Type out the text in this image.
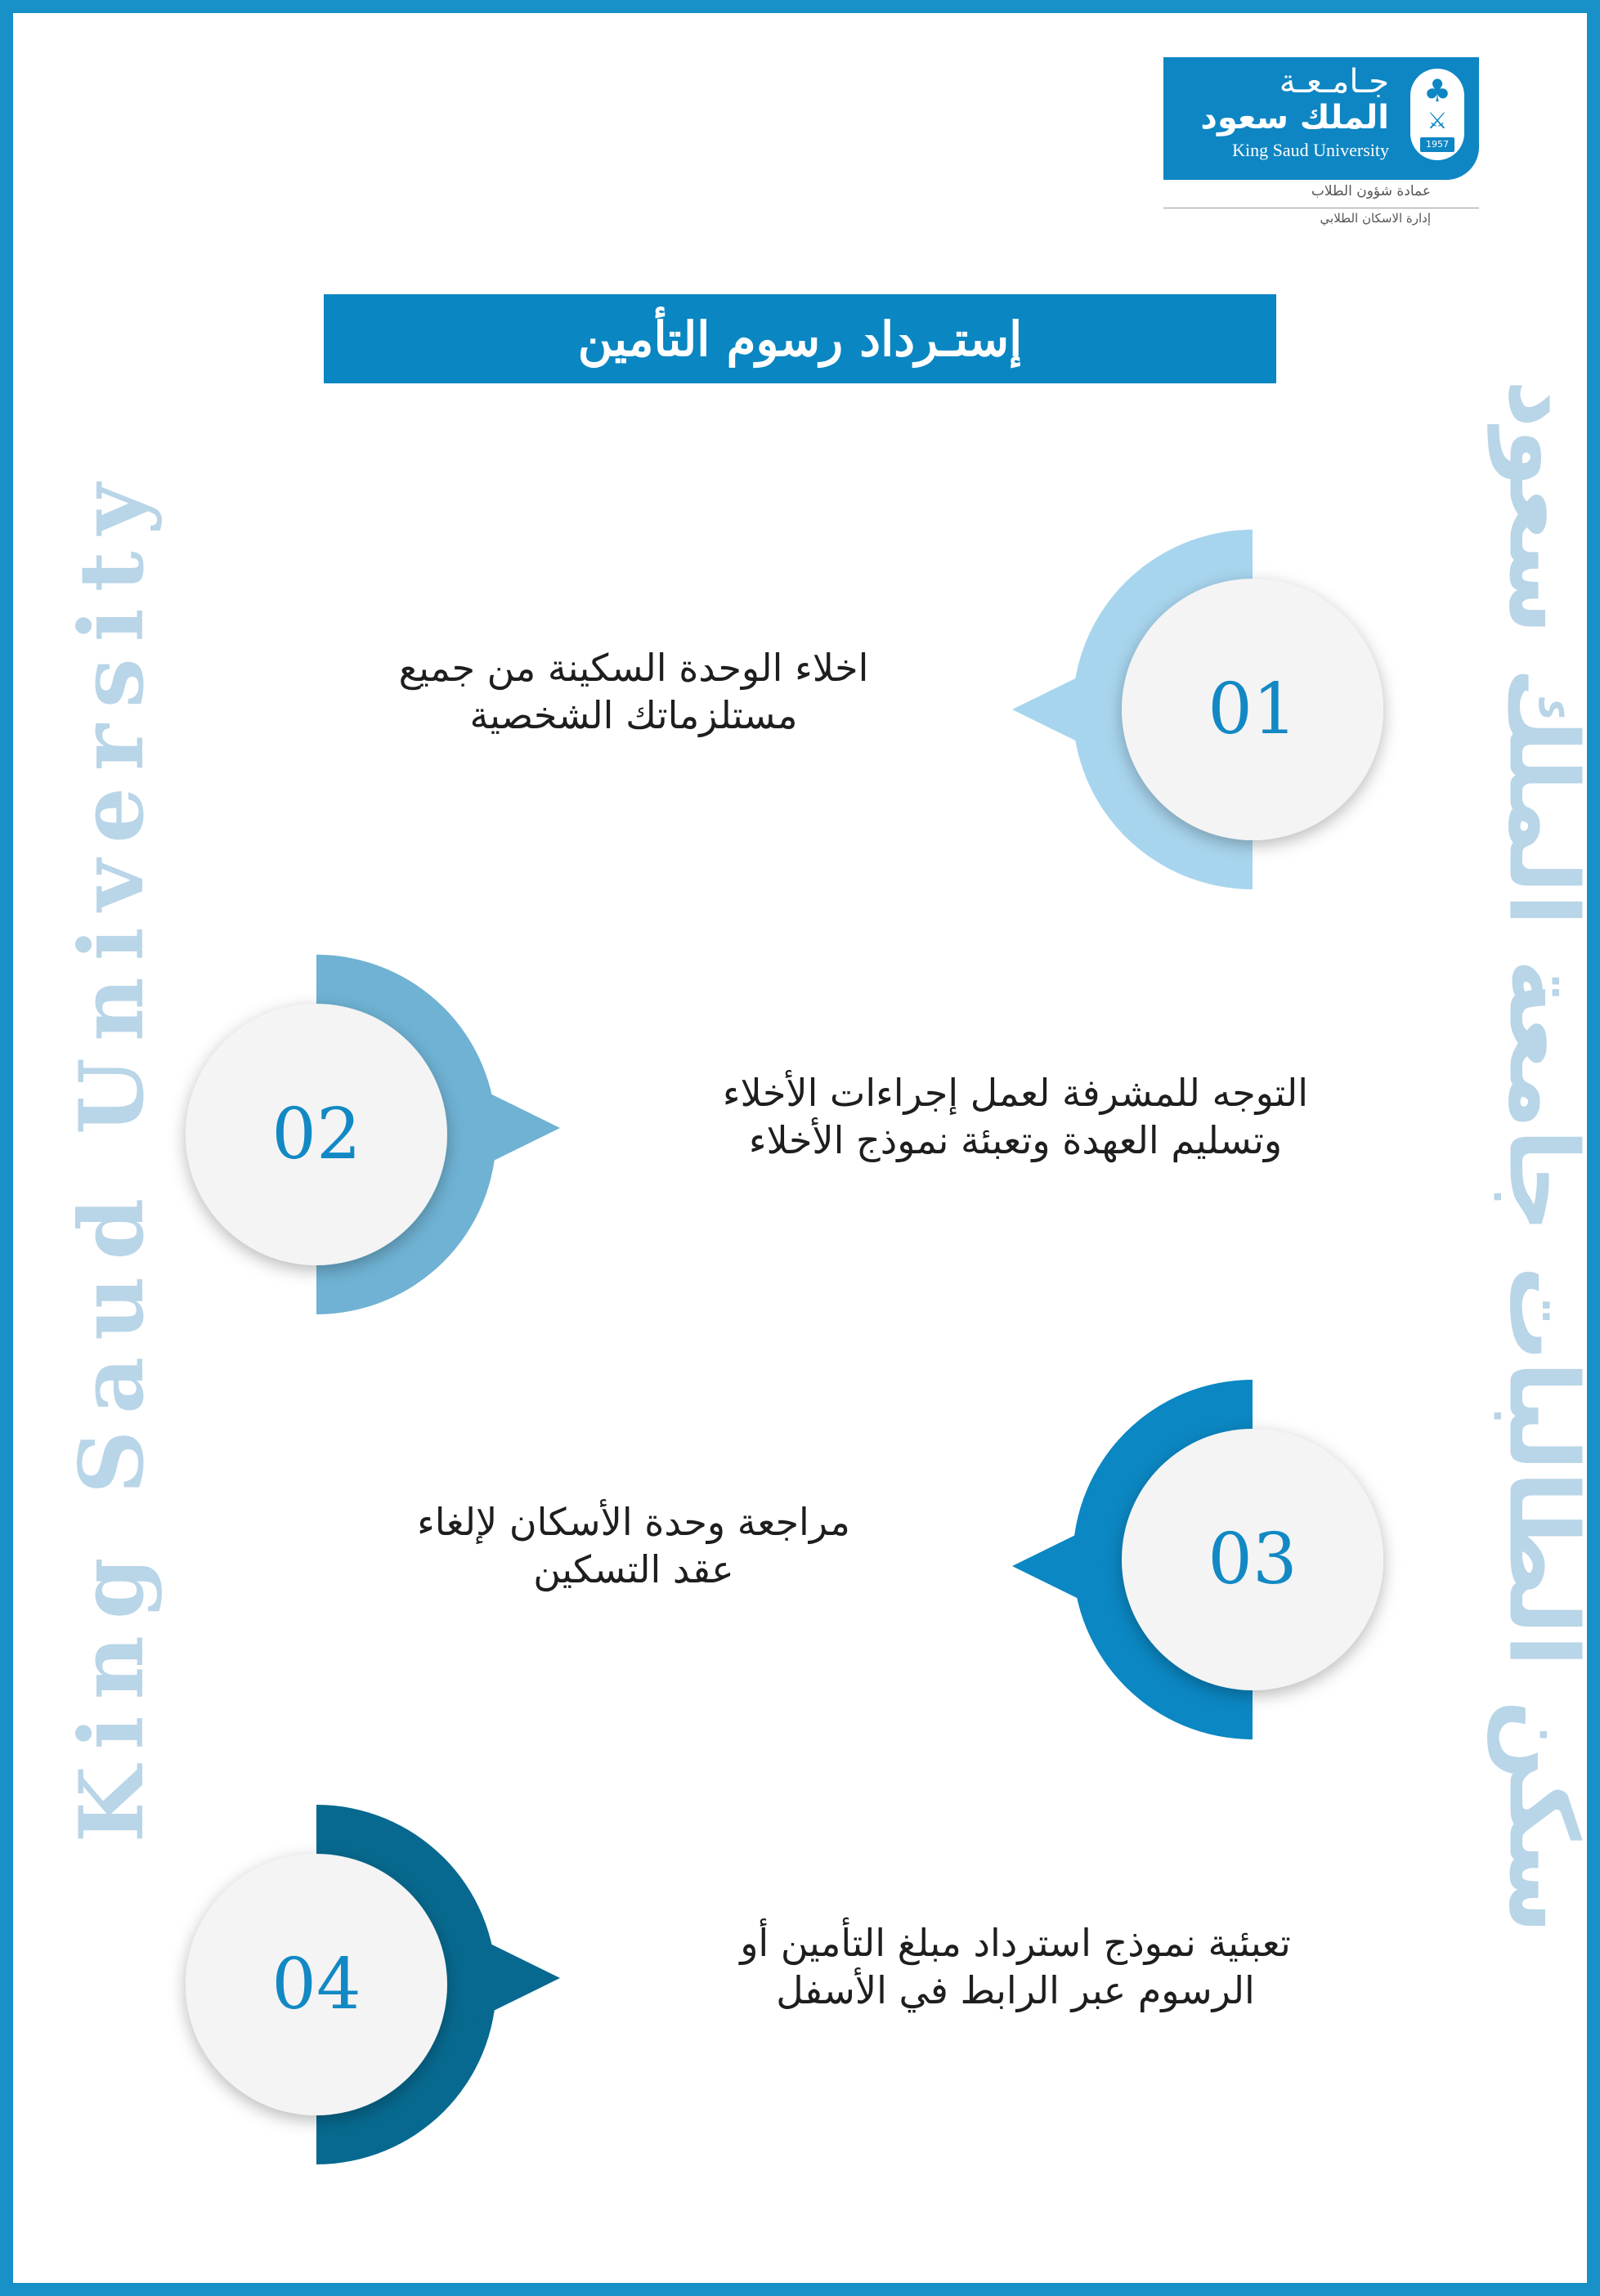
♣
⚔
1957
جـامـعـة
الملك سعود
King Saud University
عمادة شؤون الطلاب
إدارة الاسكان الطلابي
إستـرداد رسوم التأمين
King Saud University	سكن الطالبات جامعة الملك سعود
01
02
03
04
اخلاء الوحدة السكينة من جميع
مستلزماتك الشخصية
التوجه للمشرفة لعمل إجراءات الأخلاء
وتسليم العهدة وتعبئة نموذج الأخلاء
مراجعة وحدة الأسكان لإلغاء
عقد التسكين
تعبئية نموذج استرداد مبلغ التأمين أو
الرسوم عبر الرابط في الأسفل
